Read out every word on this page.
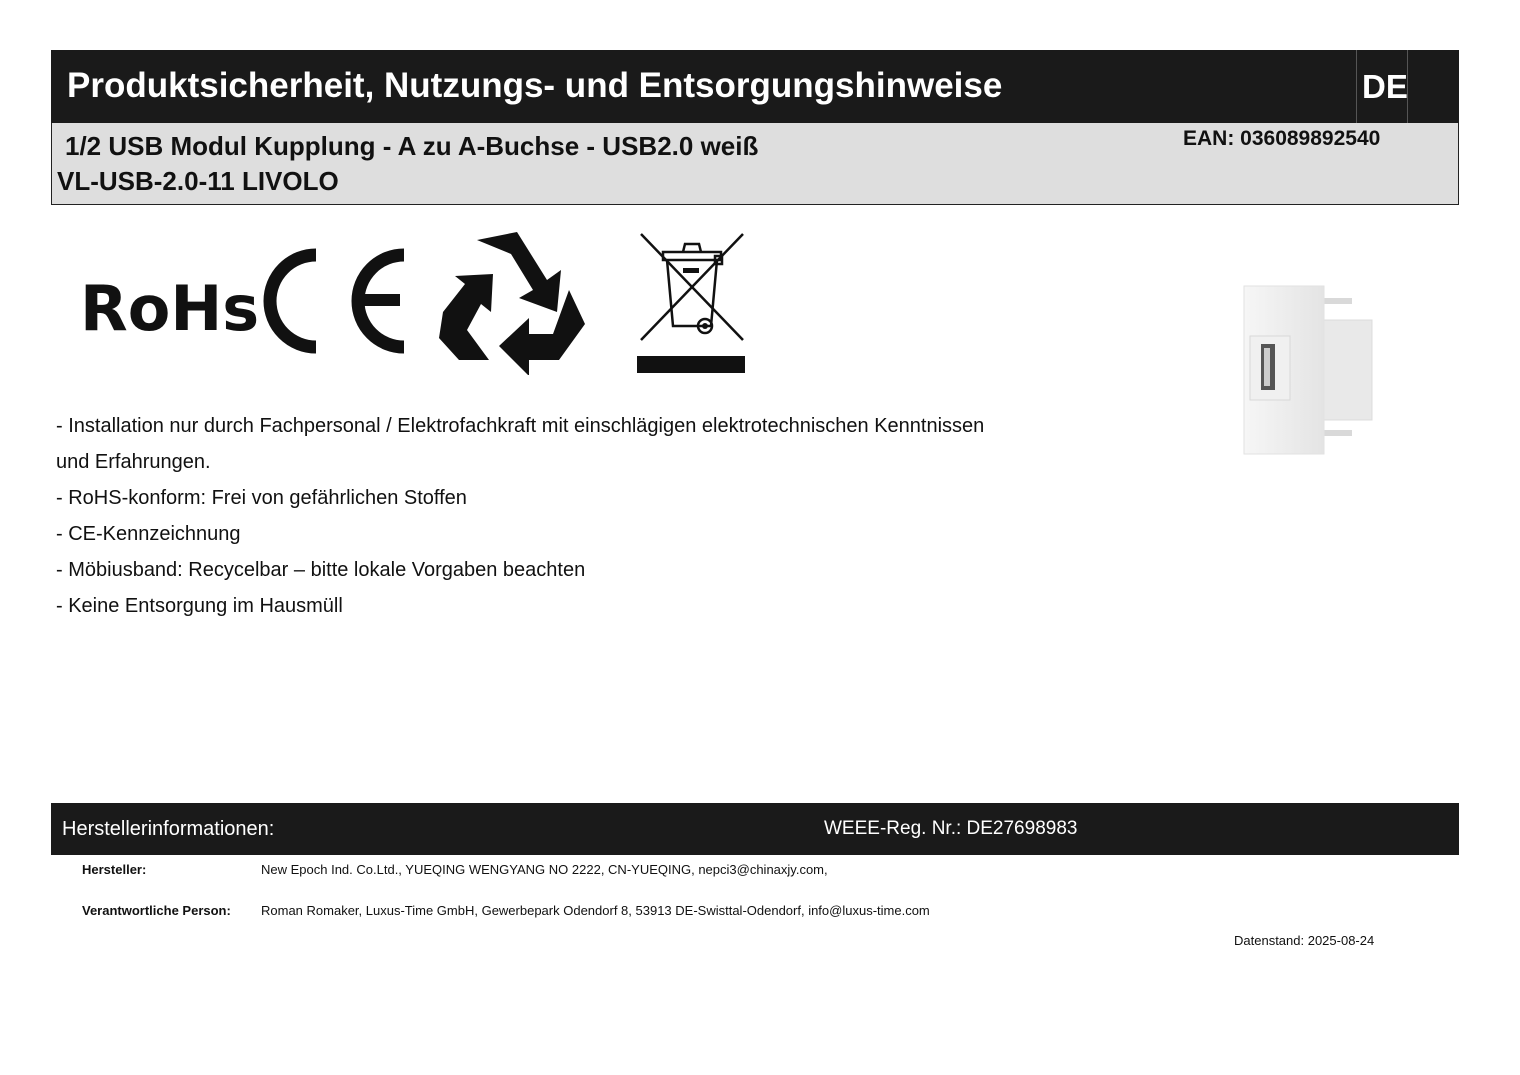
Produktsicherheit, Nutzungs- und Entsorgungshinweise	DE
1/2 USB Modul Kupplung - A zu A-Buchse - USB2.0 weiß
VL-USB-2.0-11 LIVOLO
EAN: 036089892540
RoHs

- Installation nur durch Fachpersonal / Elektrofachkraft mit einschlägigen elektrotechnischen Kenntnissen

und Erfahrungen.

- RoHS-konform: Frei von gefährlichen Stoffen

- CE-Kennzeichnung

- Möbiusband: Recycelbar – bitte lokale Vorgaben beachten

- Keine Entsorgung im Hausmüll

Herstellerinformationen:	WEEE-Reg. Nr.: DE27698983
Hersteller:	New Epoch Ind. Co.Ltd., YUEQING WENGYANG NO 2222, CN-YUEQING, nepci3@chinaxjy.com,
Verantwortliche Person: Roman Romaker, Luxus-Time GmbH, Gewerbepark Odendorf 8, 53913 DE-Swisttal-Odendorf, info@luxus-time.com
Datenstand: 2025-08-24
